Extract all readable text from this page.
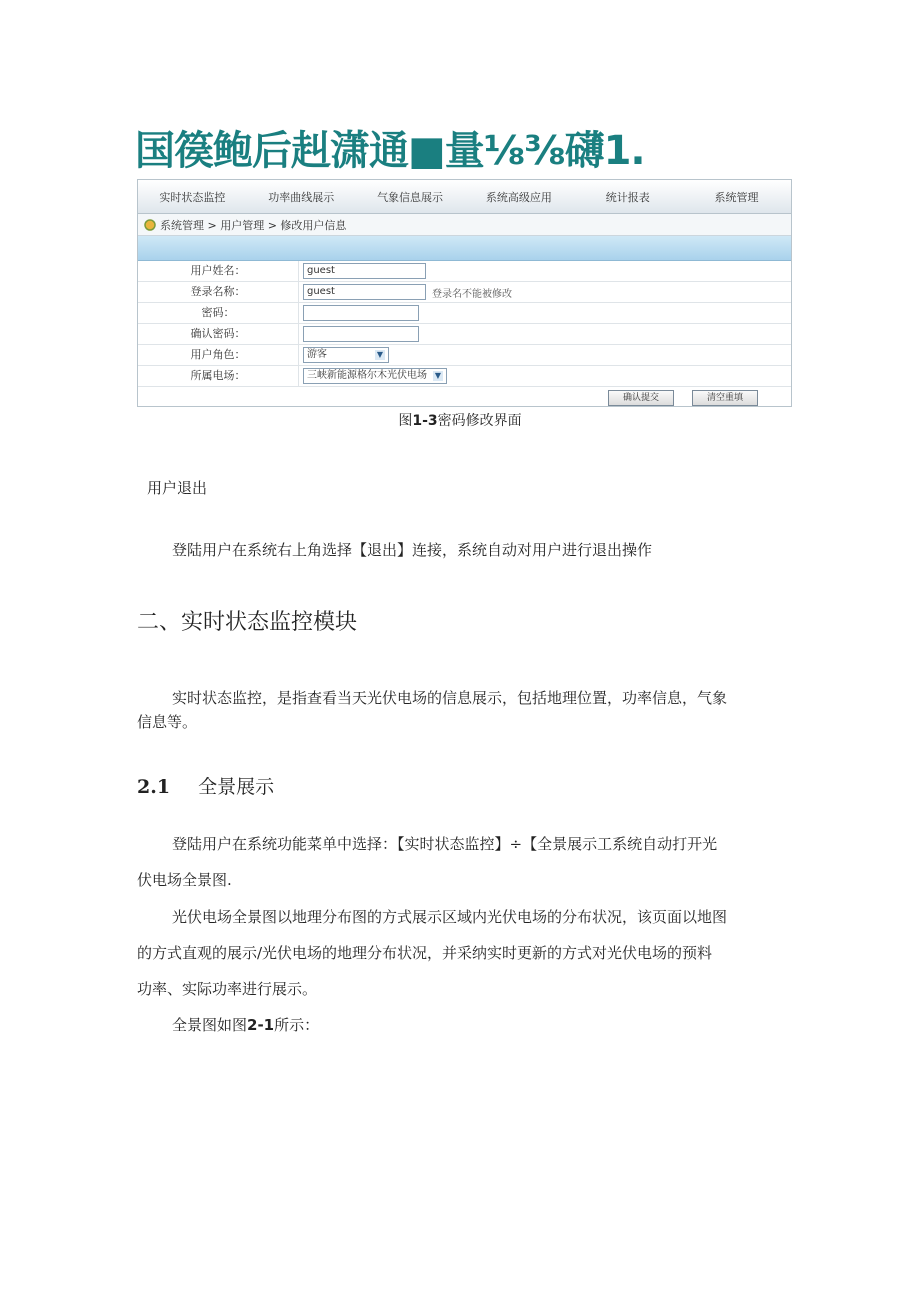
国篌鲍后赳潇通■量⅛⅜礴1.
实时状态监控	功率曲线展示	气象信息展示	系统高级应用	统计报表	系统管理
系统管理 > 用户管理 > 修改用户信息
用户姓名：	guest
登录名称：	guest	登录名不能被修改
密码：
确认密码：
用户角色：	游客	▼
所属电场：	三峡新能源格尔木光伏电场 ▼
确认提交	清空重填
图1-3密码修改界面
用户退出
登陆用户在系统右上角选择【退出】连接，系统自动对用户进行退出操作
二、实时状态监控模块
实时状态监控，是指查看当天光伏电场的信息展示，包括地理位置，功率信息，气象
信息等。
2.1 全景展示
登陆用户在系统功能菜单中选择：【实时状态监控】÷【全景展示工系统自动打开光
伏电场全景图.
光伏电场全景图以地理分布图的方式展示区域内光伏电场的分布状况，该页面以地图
的方式直观的展示/光伏电场的地理分布状况，并采纳实时更新的方式对光伏电场的预料
功率、实际功率进行展示。
全景图如图2-1所示：
